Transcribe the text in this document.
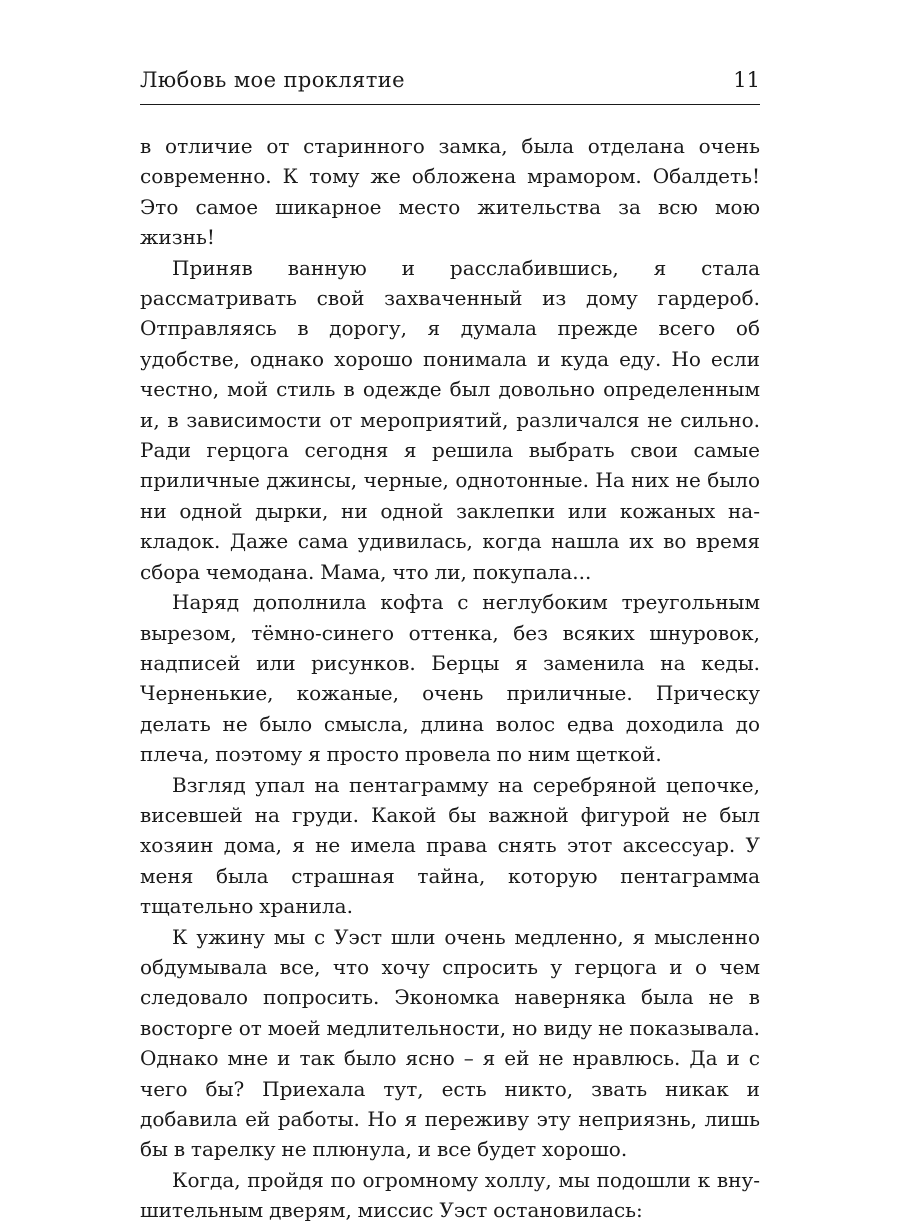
Любовь мое проклятие	11

в отличие от старинного замка, была отделана очень современно. К тому же обложена мрамором. Обалдеть! Это самое шикарное место жительства за всю мою жизнь!

Приняв ванную и расслабившись, я стала рассматривать свой захваченный из дому гардероб. Отправляясь в дорогу, я думала прежде всего об удобстве, однако хорошо понимала и куда еду. Но если честно, мой стиль в одежде был довольно определенным и, в зависимости от мероприятий, различался не сильно. Ради герцога сегодня я решила выбрать свои самые приличные джинсы, черные, однотонные. На них не было ни одной дырки, ни одной заклепки или кожаных накладок. Даже сама удивилась, когда нашла их во время сбора чемодана. Мама, что ли, покупала...

Наряд дополнила кофта с неглубоким треугольным вырезом, тёмно-синего оттенка, без всяких шнуровок, надписей или рисунков. Берцы я заменила на кеды. Черненькие, кожаные, очень приличные. Прическу делать не было смысла, длина волос едва доходила до плеча, поэтому я просто провела по ним щеткой.

Взгляд упал на пентаграмму на серебряной цепочке, висевшей на груди. Какой бы важной фигурой не был хозяин дома, я не имела права снять этот аксессуар. У меня была страшная тайна, которую пентаграмма тщательно хранила.

К ужину мы с Уэст шли очень медленно, я мысленно обдумывала все, что хочу спросить у герцога и о чем следовало попросить. Экономка наверняка была не в восторге от моей медлительности, но виду не показывала. Однако мне и так было ясно – я ей не нравлюсь. Да и с чего бы? Приехала тут, есть никто, звать никак и добавила ей работы. Но я переживу эту неприязнь, лишь бы в тарелку не плюнула, и все будет хорошо.

Когда, пройдя по огромному холлу, мы подошли к внушительным дверям, миссис Уэст остановилась:
